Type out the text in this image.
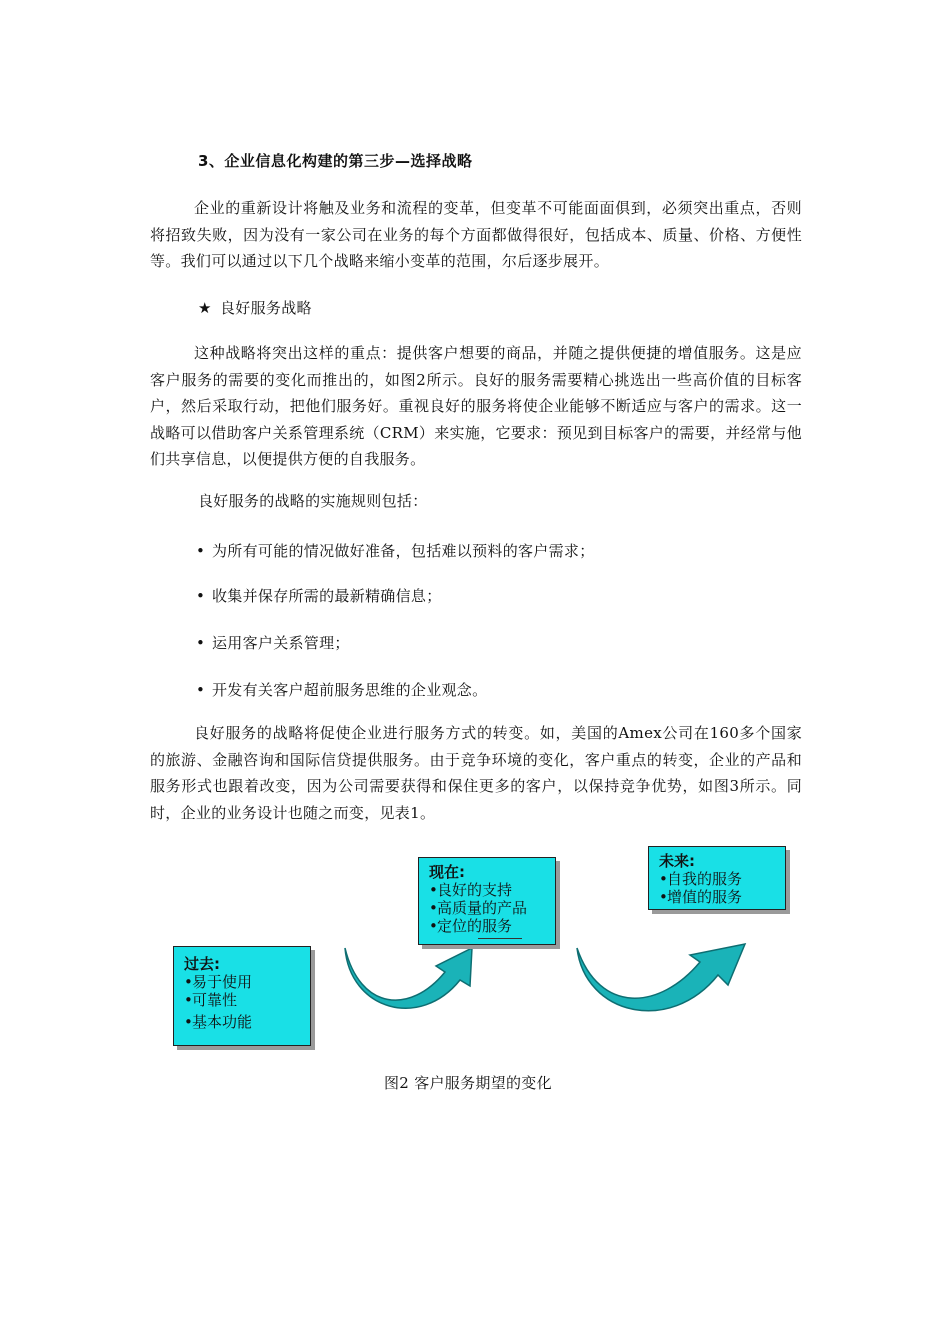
3、企业信息化构建的第三步—选择战略

企业的重新设计将触及业务和流程的变革，但变革不可能面面俱到，必须突出重点，否则将招致失败，因为没有一家公司在业务的每个方面都做得很好，包括成本、质量、价格、方便性等。我们可以通过以下几个战略来缩小变革的范围，尔后逐步展开。

★ 良好服务战略

这种战略将突出这样的重点：提供客户想要的商品，并随之提供便捷的增值服务。这是应客户服务的需要的变化而推出的，如图2所示。良好的服务需要精心挑选出一些高价值的目标客户，然后采取行动，把他们服务好。重视良好的服务将使企业能够不断适应与客户的需求。这一战略可以借助客户关系管理系统（CRM）来实施，它要求：预见到目标客户的需要，并经常与他们共享信息，以便提供方便的自我服务。

良好服务的战略的实施规则包括：
• 为所有可能的情况做好准备，包括难以预料的客户需求；
• 收集并保存所需的最新精确信息；
• 运用客户关系管理；
• 开发有关客户超前服务思维的企业观念。

良好服务的战略将促使企业进行服务方式的转变。如，美国的Amex公司在160多个国家的旅游、金融咨询和国际信贷提供服务。由于竞争环境的变化，客户重点的转变，企业的产品和服务形式也跟着改变，因为公司需要获得和保住更多的客户，以保持竞争优势，如图3所示。同时，企业的业务设计也随之而变，见表1。

过去:
•易于使用
•可靠性
•基本功能
现在:
•良好的支持
•高质量的产品
•定位的服务
未来:
•自我的服务
•增值的服务
图2 客户服务期望的变化
